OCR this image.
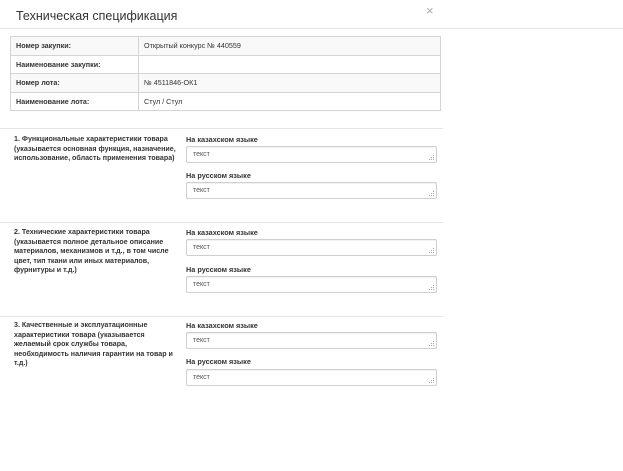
Техническая спецификация	×
Номер закупки:	Открытый конкурс № 440559
Наименование закупки:	
Номер лота:	№ 4511846-ОК1
Наименование лота:	Стул / Стул
1. Функциональные характеристики товара (указывается основная функция, назначение, использование, область применения товара)
На казахском языке
текст
На русском языке
текст
2. Технические характеристики товара (указывается полное детальное описание материалов, механизмов и т.д., в том числе цвет, тип ткани или иных материалов, фурнитуры и т.д.)
На казахском языке
текст
На русском языке
текст
3. Качественные и эксплуатационные характеристики товара (указывается желаемый срок службы товара, необходимость наличия гарантии на товар и т.д.)
На казахском языке
текст
На русском языке
текст
